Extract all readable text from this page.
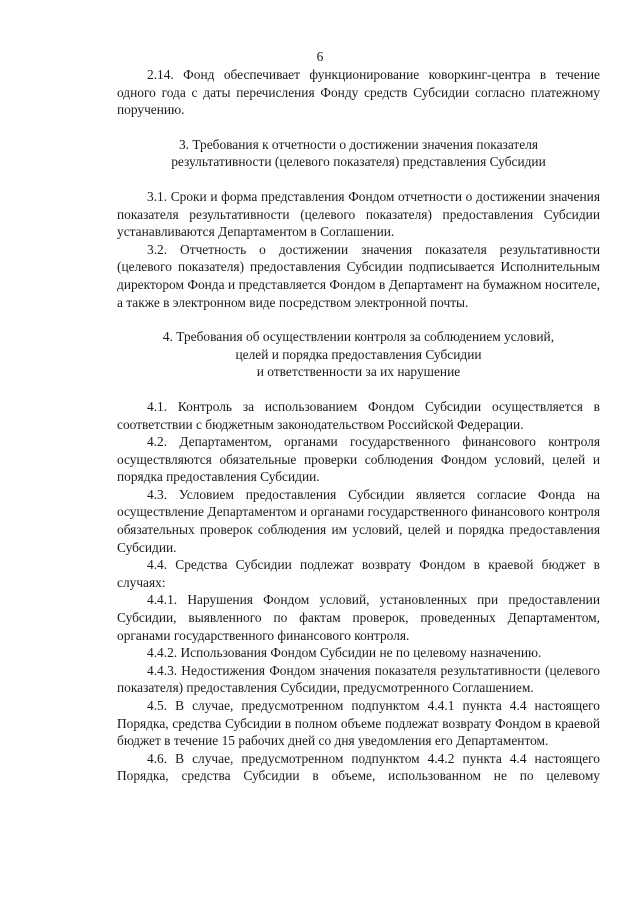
6

2.14. Фонд обеспечивает функционирование коворкинг-центра в течение одного года с даты перечисления Фонду средств Субсидии согласно платежному поручению.

3. Требования к отчетности о достижении значения показателя
результативности (целевого показателя) представления Субсидии

3.1. Сроки и форма представления Фондом отчетности о достижении значения показателя результативности (целевого показателя) предоставления Субсидии устанавливаются Департаментом в Соглашении.

3.2. Отчетность о достижении значения показателя результативности (целевого показателя) предоставления Субсидии подписывается Исполнительным директором Фонда и представляется Фондом в Департамент на бумажном носителе, а также в электронном виде посредством электронной почты.

4. Требования об осуществлении контроля за соблюдением условий,
целей и порядка предоставления Субсидии
и ответственности за их нарушение

4.1. Контроль за использованием Фондом Субсидии осуществляется в соответствии с бюджетным законодательством Российской Федерации.

4.2. Департаментом, органами государственного финансового контроля осуществляются обязательные проверки соблюдения Фондом условий, целей и порядка предоставления Субсидии.

4.3. Условием предоставления Субсидии является согласие Фонда на осуществление Департаментом и органами государственного финансового контроля обязательных проверок соблюдения им условий, целей и порядка предоставления Субсидии.

4.4. Средства Субсидии подлежат возврату Фондом в краевой бюджет в случаях:

4.4.1. Нарушения Фондом условий, установленных при предоставлении Субсидии, выявленного по фактам проверок, проведенных Департаментом, органами государственного финансового контроля.

4.4.2. Использования Фондом Субсидии не по целевому назначению.

4.4.3. Недостижения Фондом значения показателя результативности (целевого показателя) предоставления Субсидии, предусмотренного Соглашением.

4.5. В случае, предусмотренном подпунктом 4.4.1 пункта 4.4 настоящего Порядка, средства Субсидии в полном объеме подлежат возврату Фондом в краевой бюджет в течение 15 рабочих дней со дня уведомления его Департаментом.

4.6. В случае, предусмотренном подпунктом 4.4.2 пункта 4.4 настоящего Порядка, средства Субсидии в объеме, использованном не по целевому
